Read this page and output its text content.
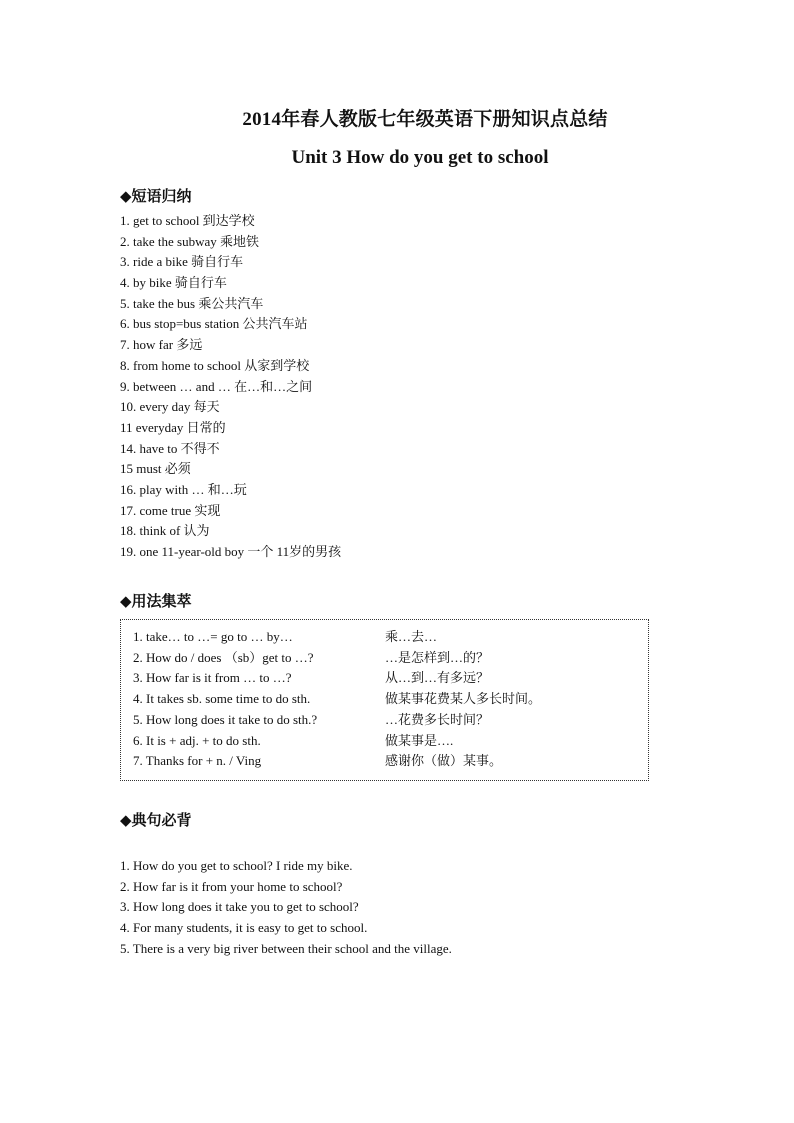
2014年春人教版七年级英语下册知识点总结
Unit 3 How do you get to school
◆短语归纳
1. get to school 到达学校
2. take the subway 乘地铁
3. ride a bike 骑自行车
4. by bike 骑自行车
5. take the bus 乘公共汽车
6. bus stop=bus station 公共汽车站
7. how far 多远
8. from home to school 从家到学校
9. between … and … 在…和…之间
10. every day 每天
11 everyday 日常的
14. have to 不得不
15 must 必须
16. play with … 和…玩
17. come true 实现
18. think of 认为
19. one 11-year-old boy 一个 11岁的男孩
◆用法集萃
1. take… to …= go to … by…	乘…去…
2. How do / does （sb）get to …?	…是怎样到…的？
3. How far is it from … to …?	从…到…有多远？
4. It takes sb. some time to do sth.	做某事花费某人多长时间。
5. How long does it take to do sth.?	…花费多长时间？
6. It is + adj. + to do sth.	做某事是….
7. Thanks for + n. / Ving	感谢你（做）某事。
◆典句必背
1. How do you get to school? I ride my bike.
2. How far is it from your home to school?
3. How long does it take you to get to school?
4. For many students, it is easy to get to school.
5. There is a very big river between their school and the village.
